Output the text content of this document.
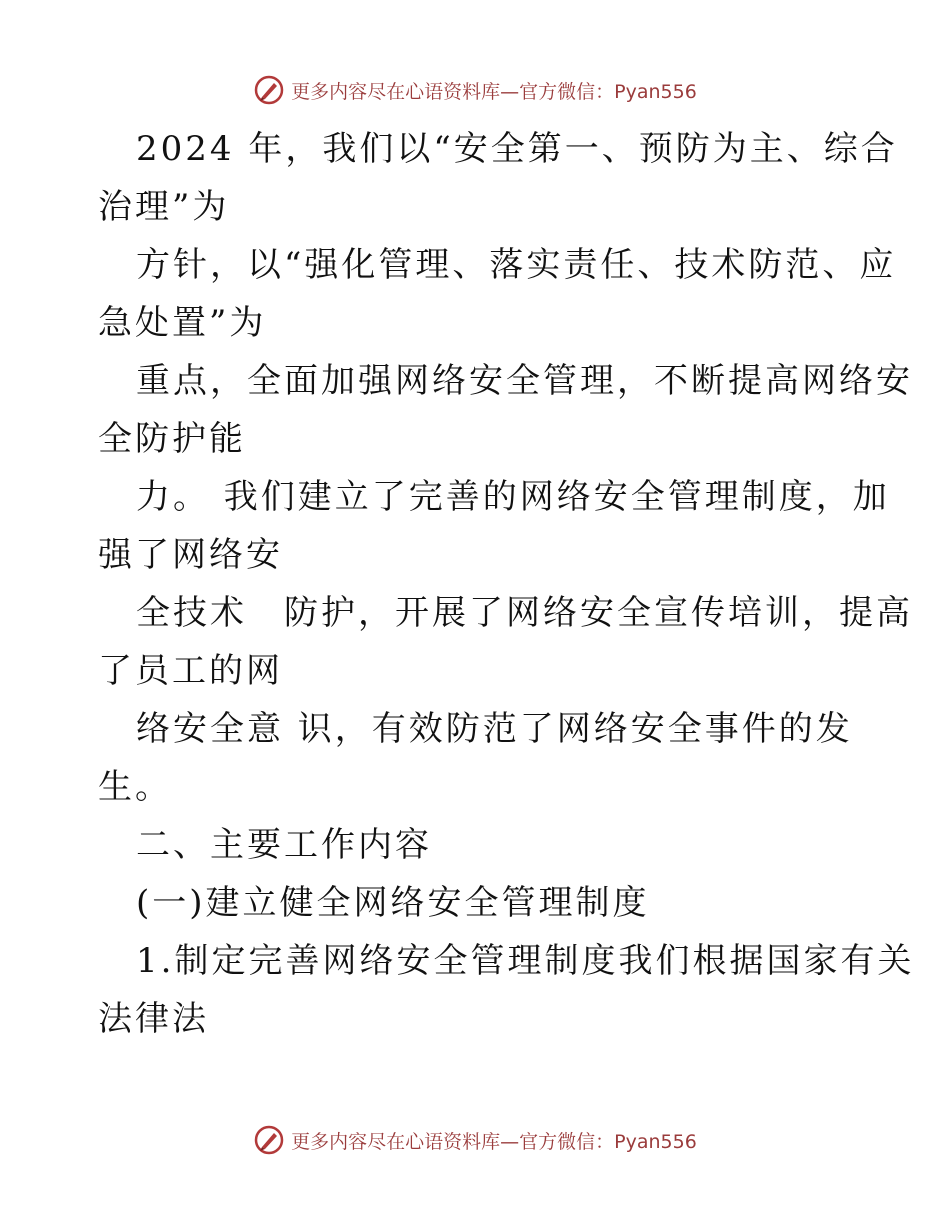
更多内容尽在心语资料库—官方微信：Pyan556

2024 年，我们以“安全第一、预防为主、综合

治理”为

方针，以“强化管理、落实责任、技术防范、应

急处置”为

重点，全面加强网络安全管理，不断提高网络安

全防护能

力。 我们建立了完善的网络安全管理制度，加

强了网络安

全技术　防护，开展了网络安全宣传培训，提高

了员工的网

络安全意 识，有效防范了网络安全事件的发

生。

二、主要工作内容

(一)建立健全网络安全管理制度

1.制定完善网络安全管理制度我们根据国家有关

法律法

更多内容尽在心语资料库—官方微信：Pyan556
